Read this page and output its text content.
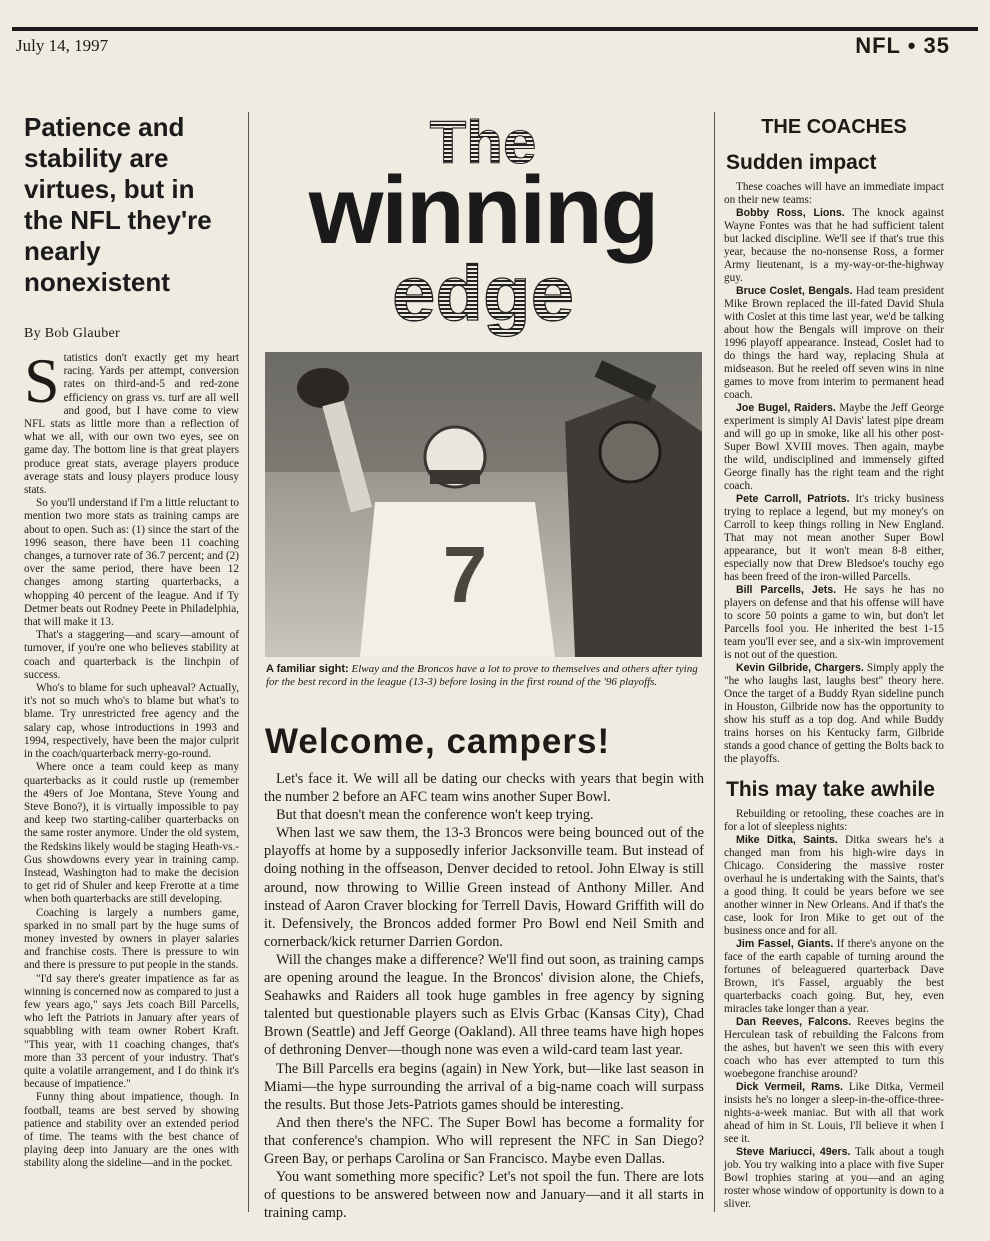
July 14, 1997	NFL • 35
Patience and stability are virtues, but in the NFL they're nearly nonexistent
By Bob Glauber

Statistics don't exactly get my heart racing. Yards per attempt, conversion rates on third-and-5 and red-zone efficiency on grass vs. turf are all well and good, but I have come to view NFL stats as little more than a reflection of what we all, with our own two eyes, see on game day. The bottom line is that great players produce great stats, average players produce average stats and lousy players produce lousy stats.

So you'll understand if I'm a little reluctant to mention two more stats as training camps are about to open. Such as: (1) since the start of the 1996 season, there have been 11 coaching changes, a turnover rate of 36.7 percent; and (2) over the same period, there have been 12 changes among starting quarterbacks, a whopping 40 percent of the league. And if Ty Detmer beats out Rodney Peete in Philadelphia, that will make it 13.

That's a staggering—and scary—amount of turnover, if you're one who believes stability at coach and quarterback is the linchpin of success.

Who's to blame for such upheaval? Actually, it's not so much who's to blame but what's to blame. Try unrestricted free agency and the salary cap, whose introductions in 1993 and 1994, respectively, have been the major culprit in the coach/quarterback merry-go-round.

Where once a team could keep as many quarterbacks as it could rustle up (remember the 49ers of Joe Montana, Steve Young and Steve Bono?), it is virtually impossible to pay and keep two starting-caliber quarterbacks on the same roster anymore. Under the old system, the Redskins likely would be staging Heath-vs.-Gus showdowns every year in training camp. Instead, Washington had to make the decision to get rid of Shuler and keep Frerotte at a time when both quarterbacks are still developing.

Coaching is largely a numbers game, sparked in no small part by the huge sums of money invested by owners in player salaries and franchise costs. There is pressure to win and there is pressure to put people in the stands.

"I'd say there's greater impatience as far as winning is concerned now as compared to just a few years ago," says Jets coach Bill Parcells, who left the Patriots in January after years of squabbling with team owner Robert Kraft. "This year, with 11 coaching changes, that's more than 33 percent of your industry. That's quite a volatile arrangement, and I do think it's because of impatience."

Funny thing about impatience, though. In football, teams are best served by showing patience and stability over an extended period of time. The teams with the best chance of playing deep into January are the ones with stability along the sideline—and in the pocket.

The
winning
edge
7
A familiar sight: Elway and the Broncos have a lot to prove to themselves and others after tying for the best record in the league (13-3) before losing in the first round of the '96 playoffs.
Welcome, campers!

Let's face it. We will all be dating our checks with years that begin with the number 2 before an AFC team wins another Super Bowl.

But that doesn't mean the conference won't keep trying.

When last we saw them, the 13-3 Broncos were being bounced out of the playoffs at home by a supposedly inferior Jacksonville team. But instead of doing nothing in the offseason, Denver decided to retool. John Elway is still around, now throwing to Willie Green instead of Anthony Miller. And instead of Aaron Craver blocking for Terrell Davis, Howard Griffith will do it. Defensively, the Broncos added former Pro Bowl end Neil Smith and cornerback/kick returner Darrien Gordon.

Will the changes make a difference? We'll find out soon, as training camps are opening around the league. In the Broncos' division alone, the Chiefs, Seahawks and Raiders all took huge gambles in free agency by signing talented but questionable players such as Elvis Grbac (Kansas City), Chad Brown (Seattle) and Jeff George (Oakland). All three teams have high hopes of dethroning Denver—though none was even a wild-card team last year.

The Bill Parcells era begins (again) in New York, but—like last season in Miami—the hype surrounding the arrival of a big-name coach will surpass the results. But those Jets-Patriots games should be interesting.

And then there's the NFC. The Super Bowl has become a formality for that conference's champion. Who will represent the NFC in San Diego? Green Bay, or perhaps Carolina or San Francisco. Maybe even Dallas.

You want something more specific? Let's not spoil the fun. There are lots of questions to be answered between now and January—and it all starts in training camp.

THE COACHES
Sudden impact

These coaches will have an immediate impact on their new teams:

Bobby Ross, Lions. The knock against Wayne Fontes was that he had sufficient talent but lacked discipline. We'll see if that's true this year, because the no-nonsense Ross, a former Army lieutenant, is a my-way-or-the-highway guy.

Bruce Coslet, Bengals. Had team president Mike Brown replaced the ill-fated David Shula with Coslet at this time last year, we'd be talking about how the Bengals will improve on their 1996 playoff appearance. Instead, Coslet had to do things the hard way, replacing Shula at midseason. But he reeled off seven wins in nine games to move from interim to permanent head coach.

Joe Bugel, Raiders. Maybe the Jeff George experiment is simply Al Davis' latest pipe dream and will go up in smoke, like all his other post-Super Bowl XVIII moves. Then again, maybe the wild, undisciplined and immensely gifted George finally has the right team and the right coach.

Pete Carroll, Patriots. It's tricky business trying to replace a legend, but my money's on Carroll to keep things rolling in New England. That may not mean another Super Bowl appearance, but it won't mean 8-8 either, especially now that Drew Bledsoe's touchy ego has been freed of the iron-willed Parcells.

Bill Parcells, Jets. He says he has no players on defense and that his offense will have to score 50 points a game to win, but don't let Parcells fool you. He inherited the best 1-15 team you'll ever see, and a six-win improvement is not out of the question.

Kevin Gilbride, Chargers. Simply apply the "he who laughs last, laughs best" theory here. Once the target of a Buddy Ryan sideline punch in Houston, Gilbride now has the opportunity to show his stuff as a top dog. And while Buddy trains horses on his Kentucky farm, Gilbride stands a good chance of getting the Bolts back to the playoffs.

This may take awhile

Rebuilding or retooling, these coaches are in for a lot of sleepless nights:

Mike Ditka, Saints. Ditka swears he's a changed man from his high-wire days in Chicago. Considering the massive roster overhaul he is undertaking with the Saints, that's a good thing. It could be years before we see another winner in New Orleans. And if that's the case, look for Iron Mike to get out of the business once and for all.

Jim Fassel, Giants. If there's anyone on the face of the earth capable of turning around the fortunes of beleaguered quarterback Dave Brown, it's Fassel, arguably the best quarterbacks coach going. But, hey, even miracles take longer than a year.

Dan Reeves, Falcons. Reeves begins the Herculean task of rebuilding the Falcons from the ashes, but haven't we seen this with every coach who has ever attempted to turn this woebegone franchise around?

Dick Vermeil, Rams. Like Ditka, Vermeil insists he's no longer a sleep-in-the-office-three-nights-a-week maniac. But with all that work ahead of him in St. Louis, I'll believe it when I see it.

Steve Mariucci, 49ers. Talk about a tough job. You try walking into a place with five Super Bowl trophies staring at you—and an aging roster whose window of opportunity is down to a sliver.
